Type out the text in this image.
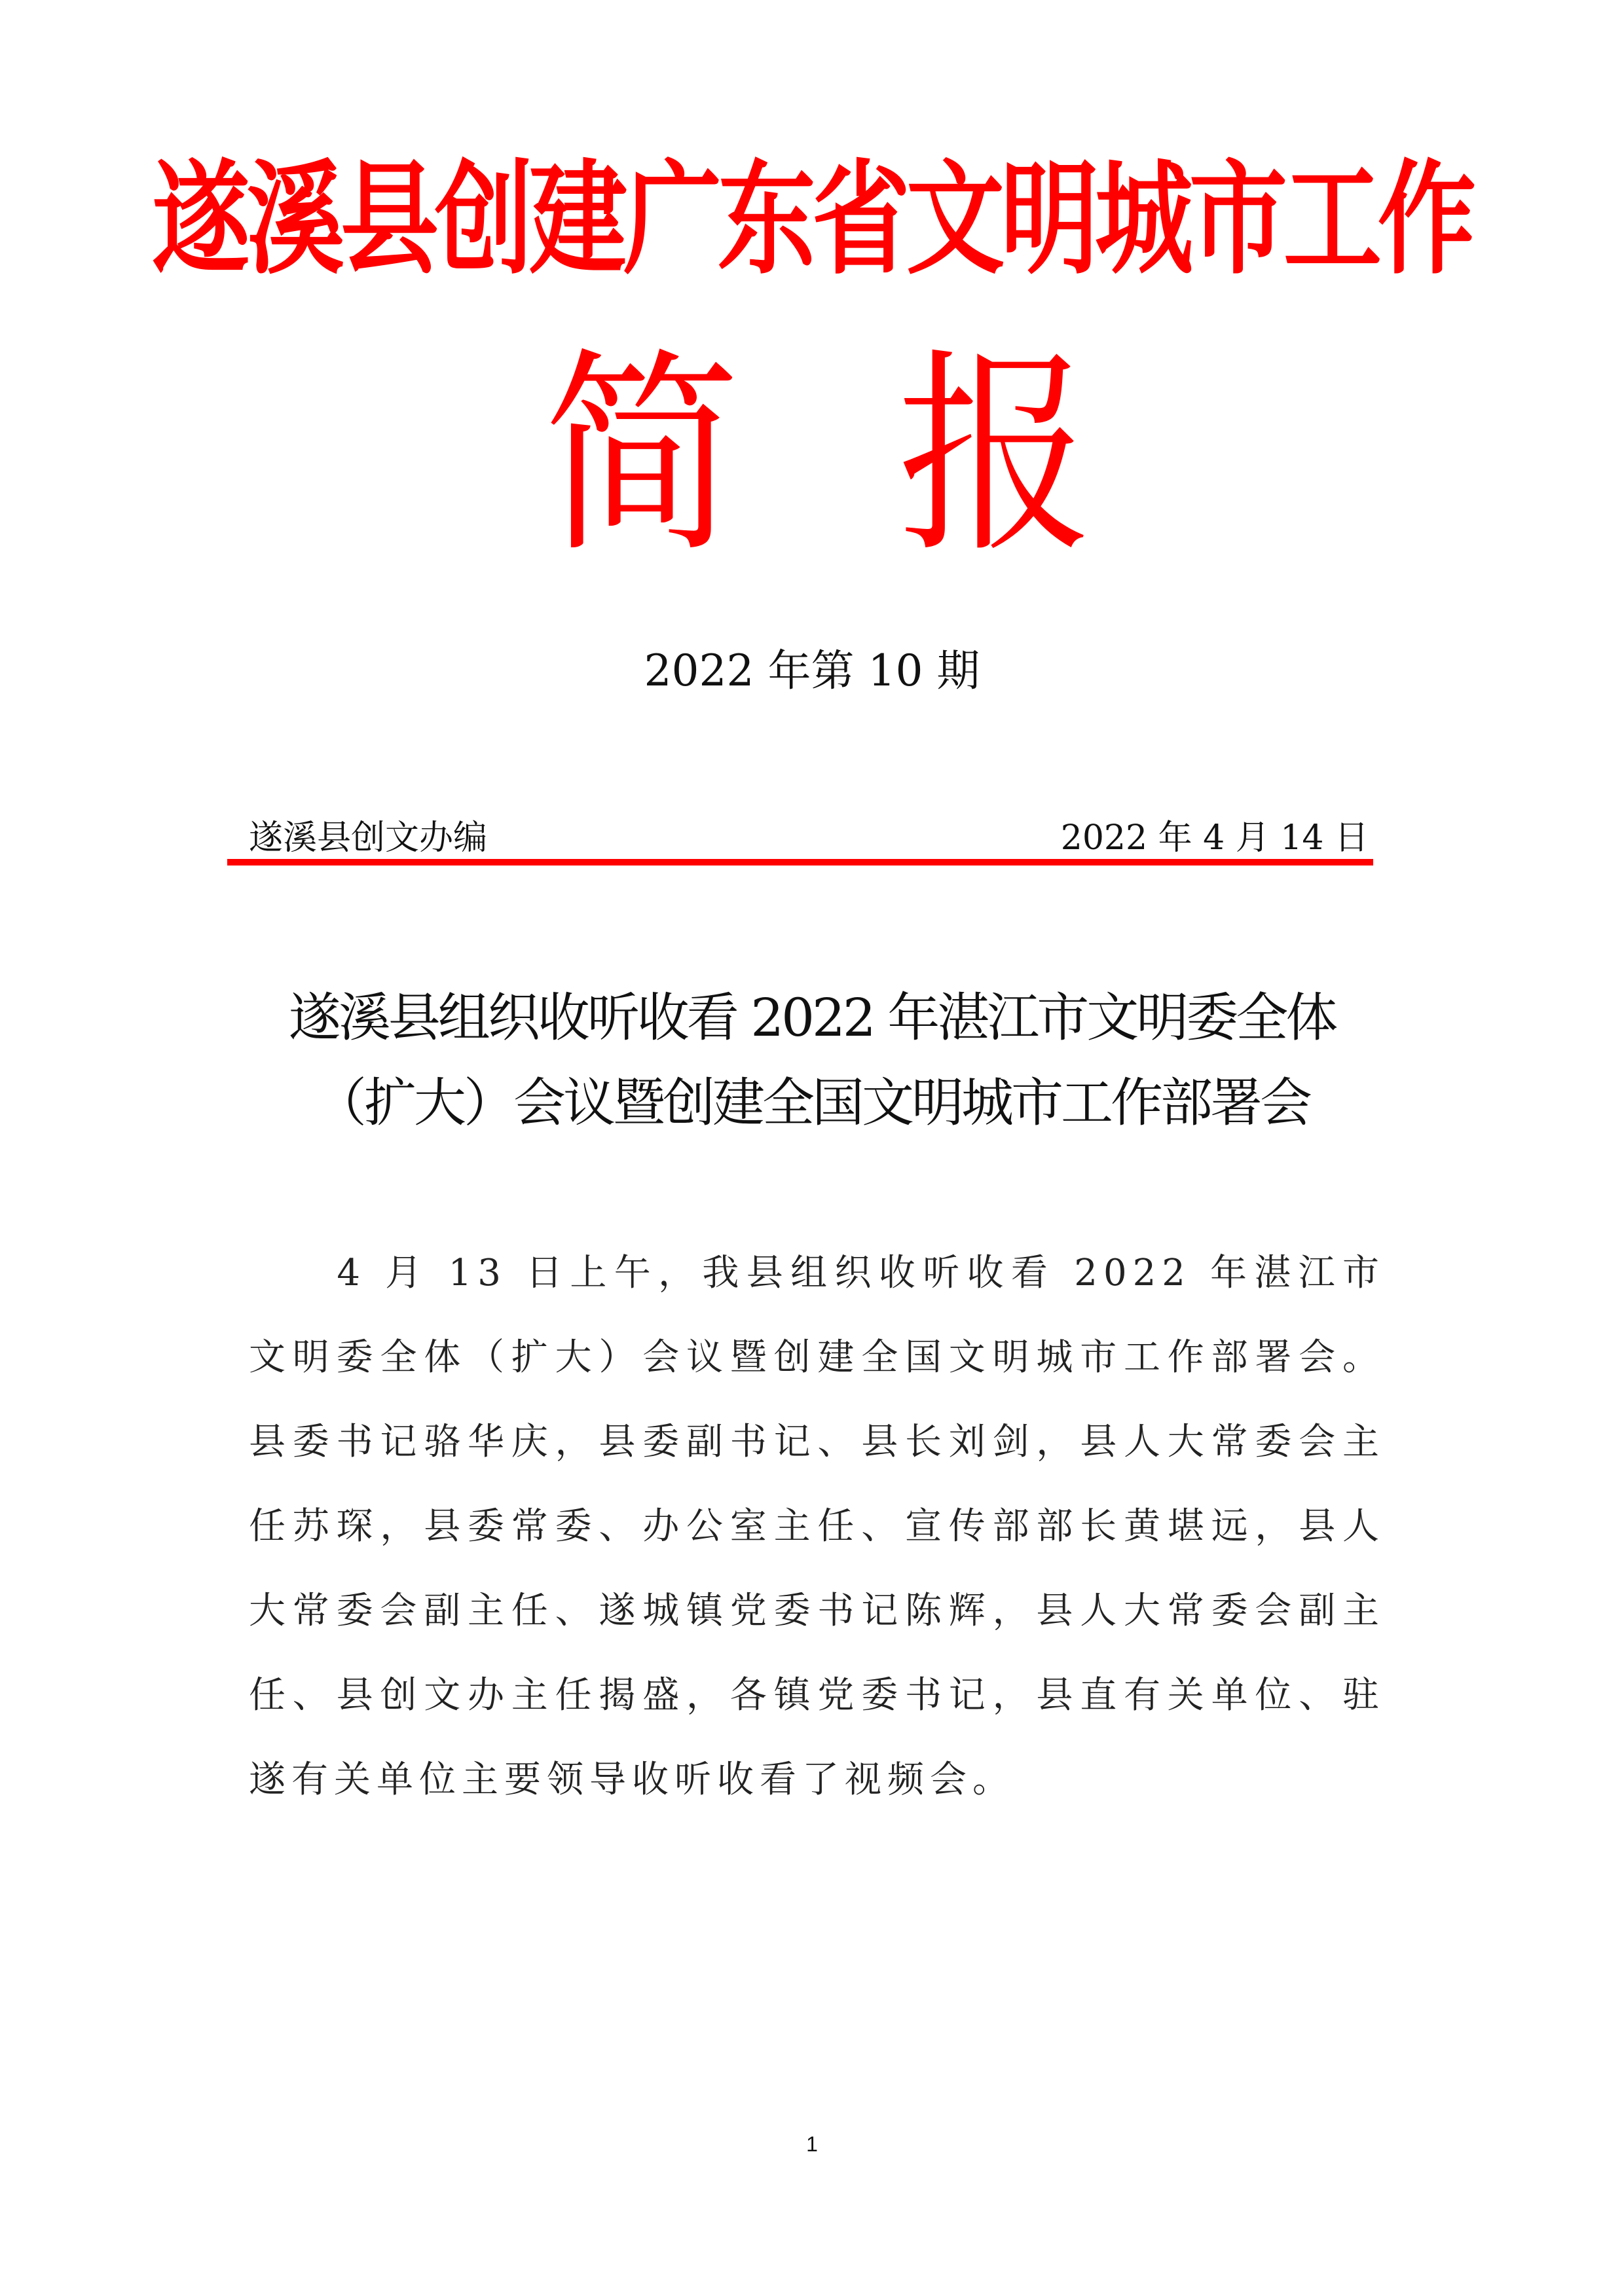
遂溪县创建广东省文明城市工作
简 报
2022 年第 10 期
遂溪县创文办编	2022 年 4 月 14 日
遂溪县组织收听收看 2022 年湛江市文明委全体
（扩大）会议暨创建全国文明城市工作部署会
4 月 13 日上午，我县组织收听收看 2022 年湛江市文明委全体（扩大）会议暨创建全国文明城市工作部署会。县委书记骆华庆，县委副书记、县长刘剑，县人大常委会主任苏琛，县委常委、办公室主任、宣传部部长黄堪远，县人大常委会副主任、遂城镇党委书记陈辉，县人大常委会副主任、县创文办主任揭盛，各镇党委书记，县直有关单位、驻遂有关单位主要领导收听收看了视频会。
1
